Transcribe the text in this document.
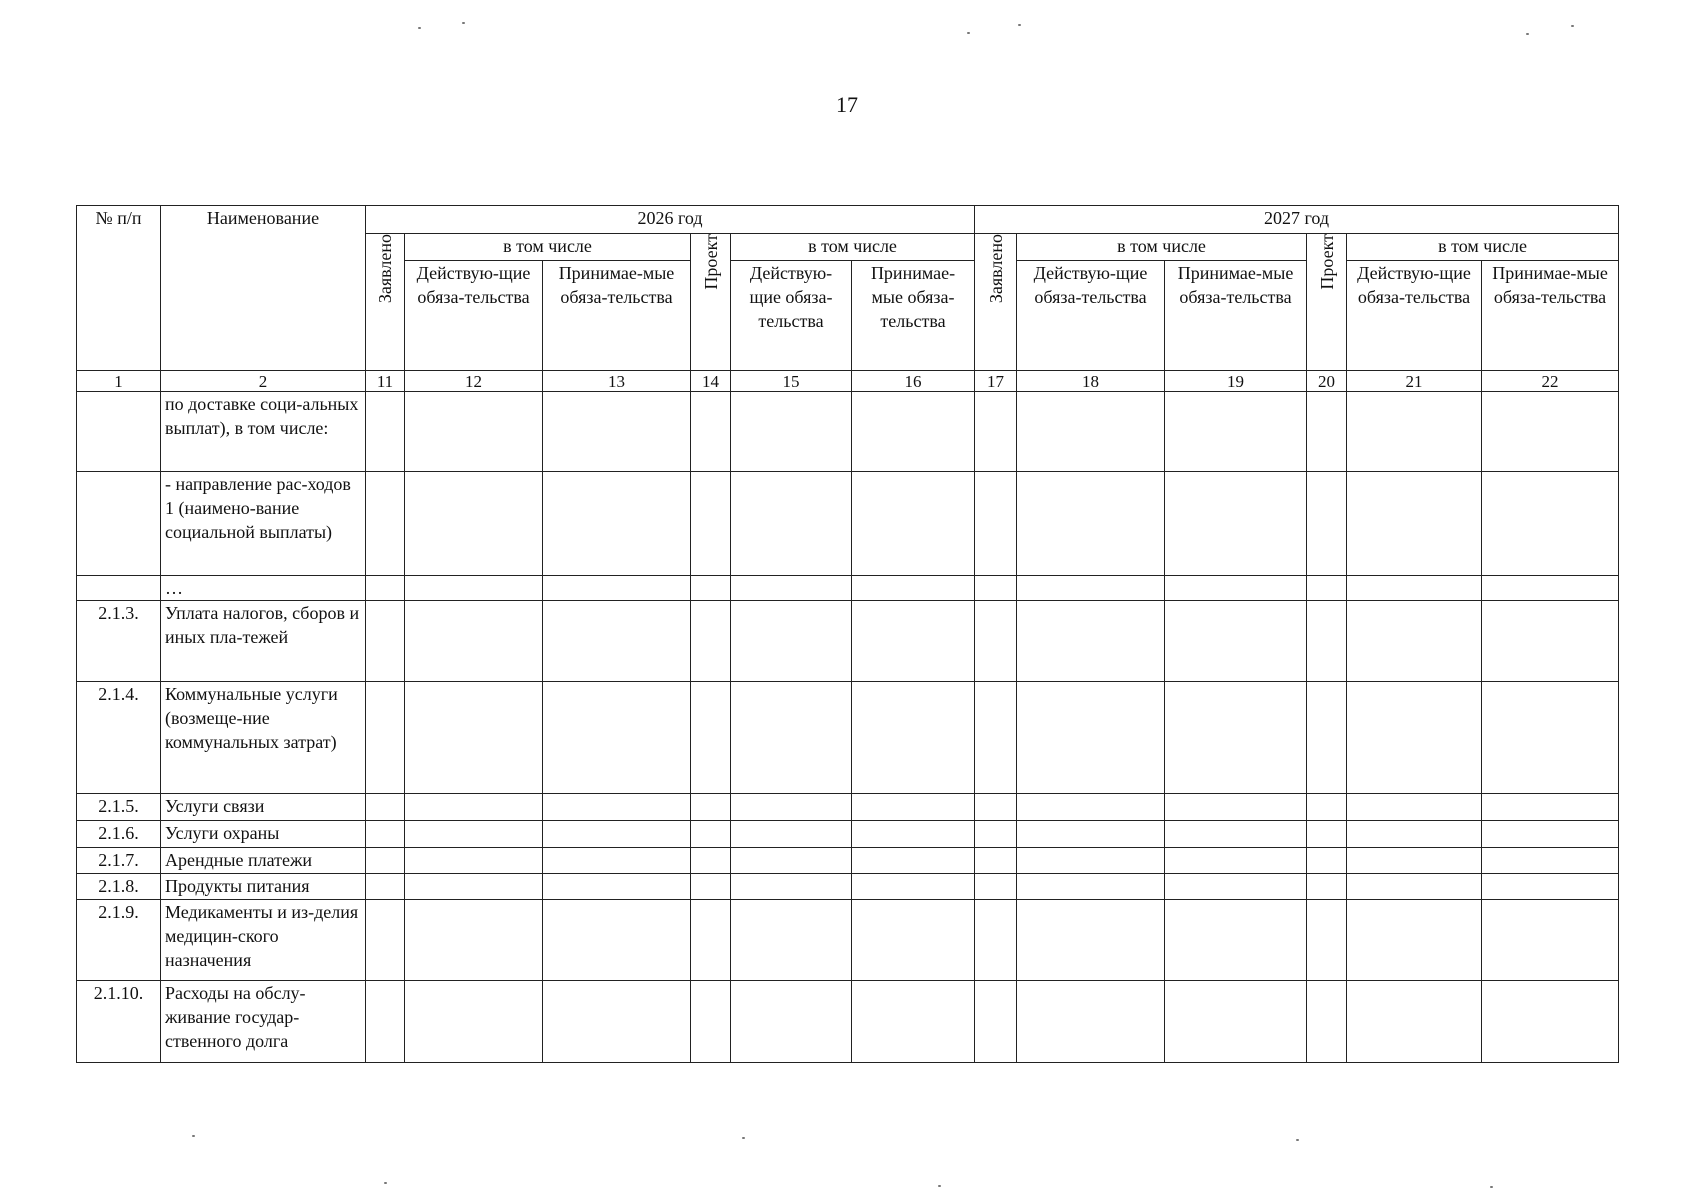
17
№ п/п	Наименование	2026 год						2027 год					
		Заявлено	в том числе		Проект	в том числе		Заявлено	в том числе		Проект	в том числе	
			Действую-щие обяза-тельства	Принимае-мые обяза-тельства		Действую-щие обяза-тельства	Принимае-мые обяза-тельства		Действую-щие обяза-тельства	Принимае-мые обяза-тельства		Действую-щие обяза-тельства	Принимае-мые обяза-тельства
1	2	11	12	13	14	15	16	17	18	19	20	21	22
	по доставке соци-альных выплат), в том числе:												
	- направление рас-ходов 1 (наимено-вание социальной выплаты)												
	…												
2.1.3.	Уплата налогов, сборов и иных пла-тежей												
2.1.4.	Коммунальные услуги (возмеще-ние коммунальных затрат)												
2.1.5.	Услуги связи												
2.1.6.	Услуги охраны												
2.1.7.	Арендные платежи												
2.1.8.	Продукты питания												
2.1.9.	Медикаменты и из-делия медицин-ского назначения												
2.1.10.	Расходы на обслу-живание государ-ственного долга												
